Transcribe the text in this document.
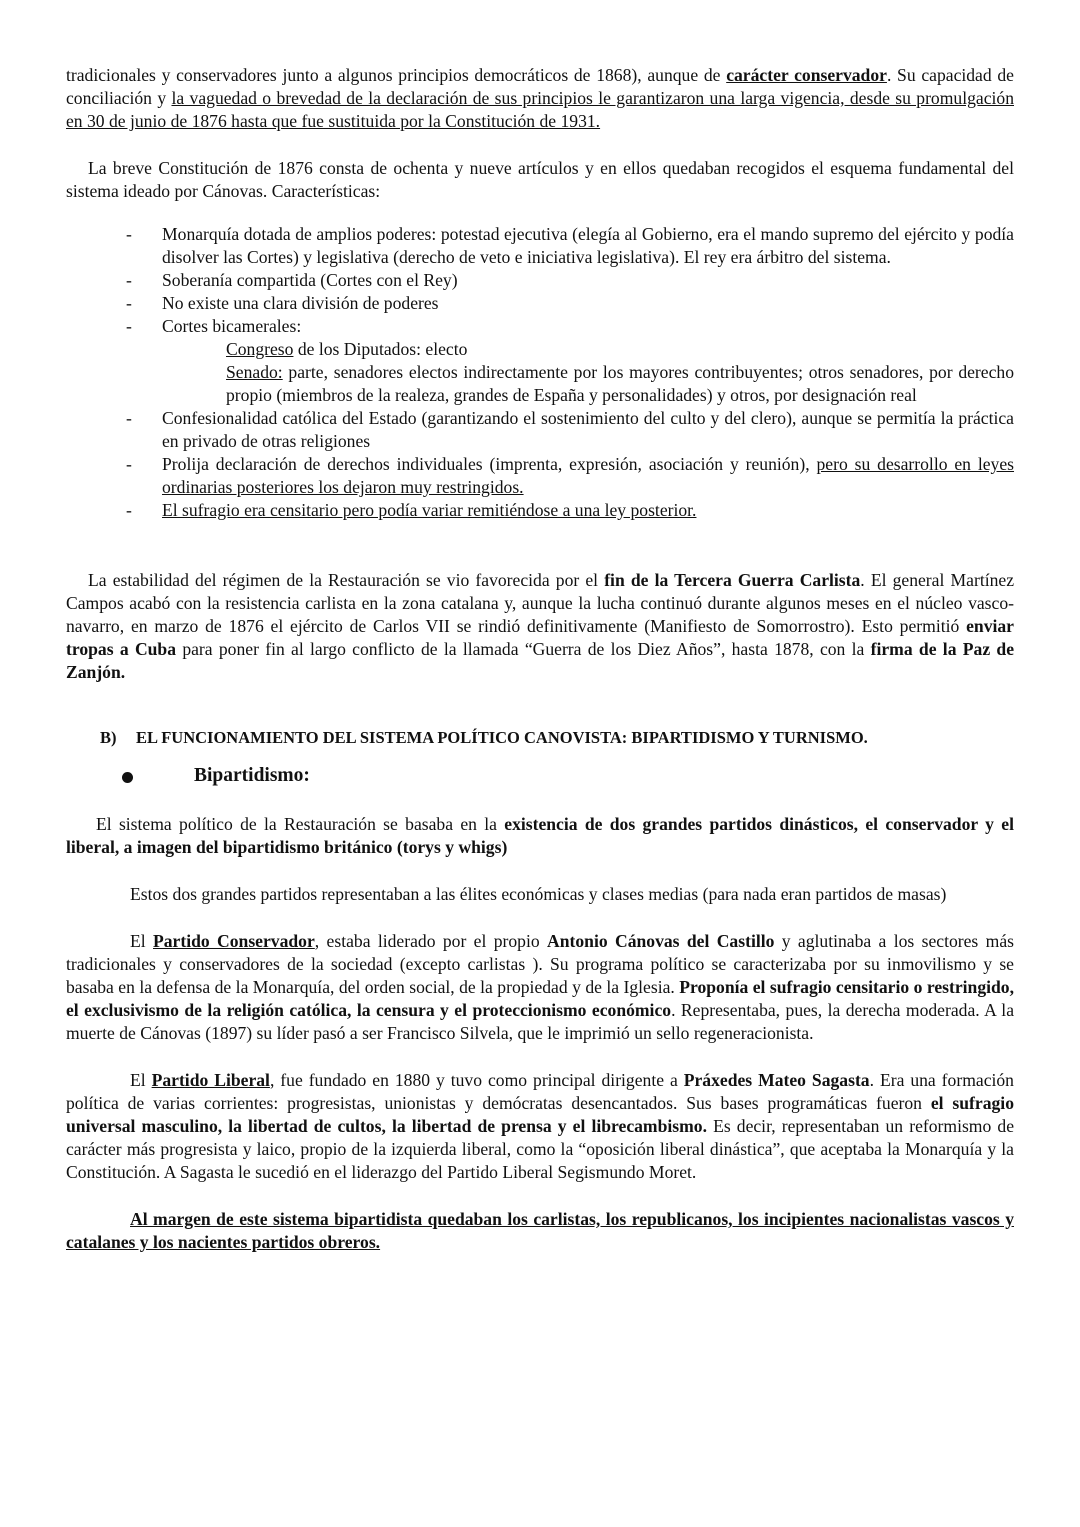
tradicionales y conservadores junto a algunos principios democráticos de 1868), aunque de carácter conservador. Su capacidad de conciliación y la vaguedad o brevedad de la declaración de sus principios le garantizaron una larga vigencia, desde su promulgación en 30 de junio de 1876 hasta que fue sustituida por la Constitución de 1931.

La breve Constitución de 1876 consta de ochenta y nueve artículos y en ellos quedaban recogidos el esquema fundamental del sistema ideado por Cánovas. Características:

- Monarquía dotada de amplios poderes: potestad ejecutiva (elegía al Gobierno, era el mando supremo del ejército y podía disolver las Cortes) y legislativa (derecho de veto e iniciativa legislativa). El rey era árbitro del sistema.
- Soberanía compartida (Cortes con el Rey)
- No existe una clara división de poderes
- Cortes bicamerales:
Congreso de los Diputados: electo
Senado: parte, senadores electos indirectamente por los mayores contribuyentes; otros senadores, por derecho propio (miembros de la realeza, grandes de España y personalidades) y otros, por designación real
- Confesionalidad católica del Estado (garantizando el sostenimiento del culto y del clero), aunque se permitía la práctica en privado de otras religiones
- Prolija declaración de derechos individuales (imprenta, expresión, asociación y reunión), pero su desarrollo en leyes ordinarias posteriores los dejaron muy restringidos.
- El sufragio era censitario pero podía variar remitiéndose a una ley posterior.

La estabilidad del régimen de la Restauración se vio favorecida por el fin de la Tercera Guerra Carlista. El general Martínez Campos acabó con la resistencia carlista en la zona catalana y, aunque la lucha continuó durante algunos meses en el núcleo vasco-navarro, en marzo de 1876 el ejército de Carlos VII se rindió definitivamente (Manifiesto de Somorrostro). Esto permitió enviar tropas a Cuba para poner fin al largo conflicto de la llamada “Guerra de los Diez Años”, hasta 1878, con la firma de la Paz de Zanjón.

B) EL FUNCIONAMIENTO DEL SISTEMA POLÍTICO CANOVISTA: BIPARTIDISMO Y TURNISMO.
Bipartidismo:

El sistema político de la Restauración se basaba en la existencia de dos grandes partidos dinásticos, el conservador y el liberal, a imagen del bipartidismo británico (torys y whigs)

Estos dos grandes partidos representaban a las élites económicas y clases medias (para nada eran partidos de masas)

El Partido Conservador, estaba liderado por el propio Antonio Cánovas del Castillo y aglutinaba a los sectores más tradicionales y conservadores de la sociedad (excepto carlistas ). Su programa político se caracterizaba por su inmovilismo y se basaba en la defensa de la Monarquía, del orden social, de la propiedad y de la Iglesia. Proponía el sufragio censitario o restringido, el exclusivismo de la religión católica, la censura y el proteccionismo económico. Representaba, pues, la derecha moderada. A la muerte de Cánovas (1897) su líder pasó a ser Francisco Silvela, que le imprimió un sello regeneracionista.

El Partido Liberal, fue fundado en 1880 y tuvo como principal dirigente a Práxedes Mateo Sagasta. Era una formación política de varias corrientes: progresistas, unionistas y demócratas desencantados. Sus bases programáticas fueron el sufragio universal masculino, la libertad de cultos, la libertad de prensa y el librecambismo. Es decir, representaban un reformismo de carácter más progresista y laico, propio de la izquierda liberal, como la “oposición liberal dinástica”, que aceptaba la Monarquía y la Constitución. A Sagasta le sucedió en el liderazgo del Partido Liberal Segismundo Moret.

Al margen de este sistema bipartidista quedaban los carlistas, los republicanos, los incipientes nacionalistas vascos y catalanes y los nacientes partidos obreros.
